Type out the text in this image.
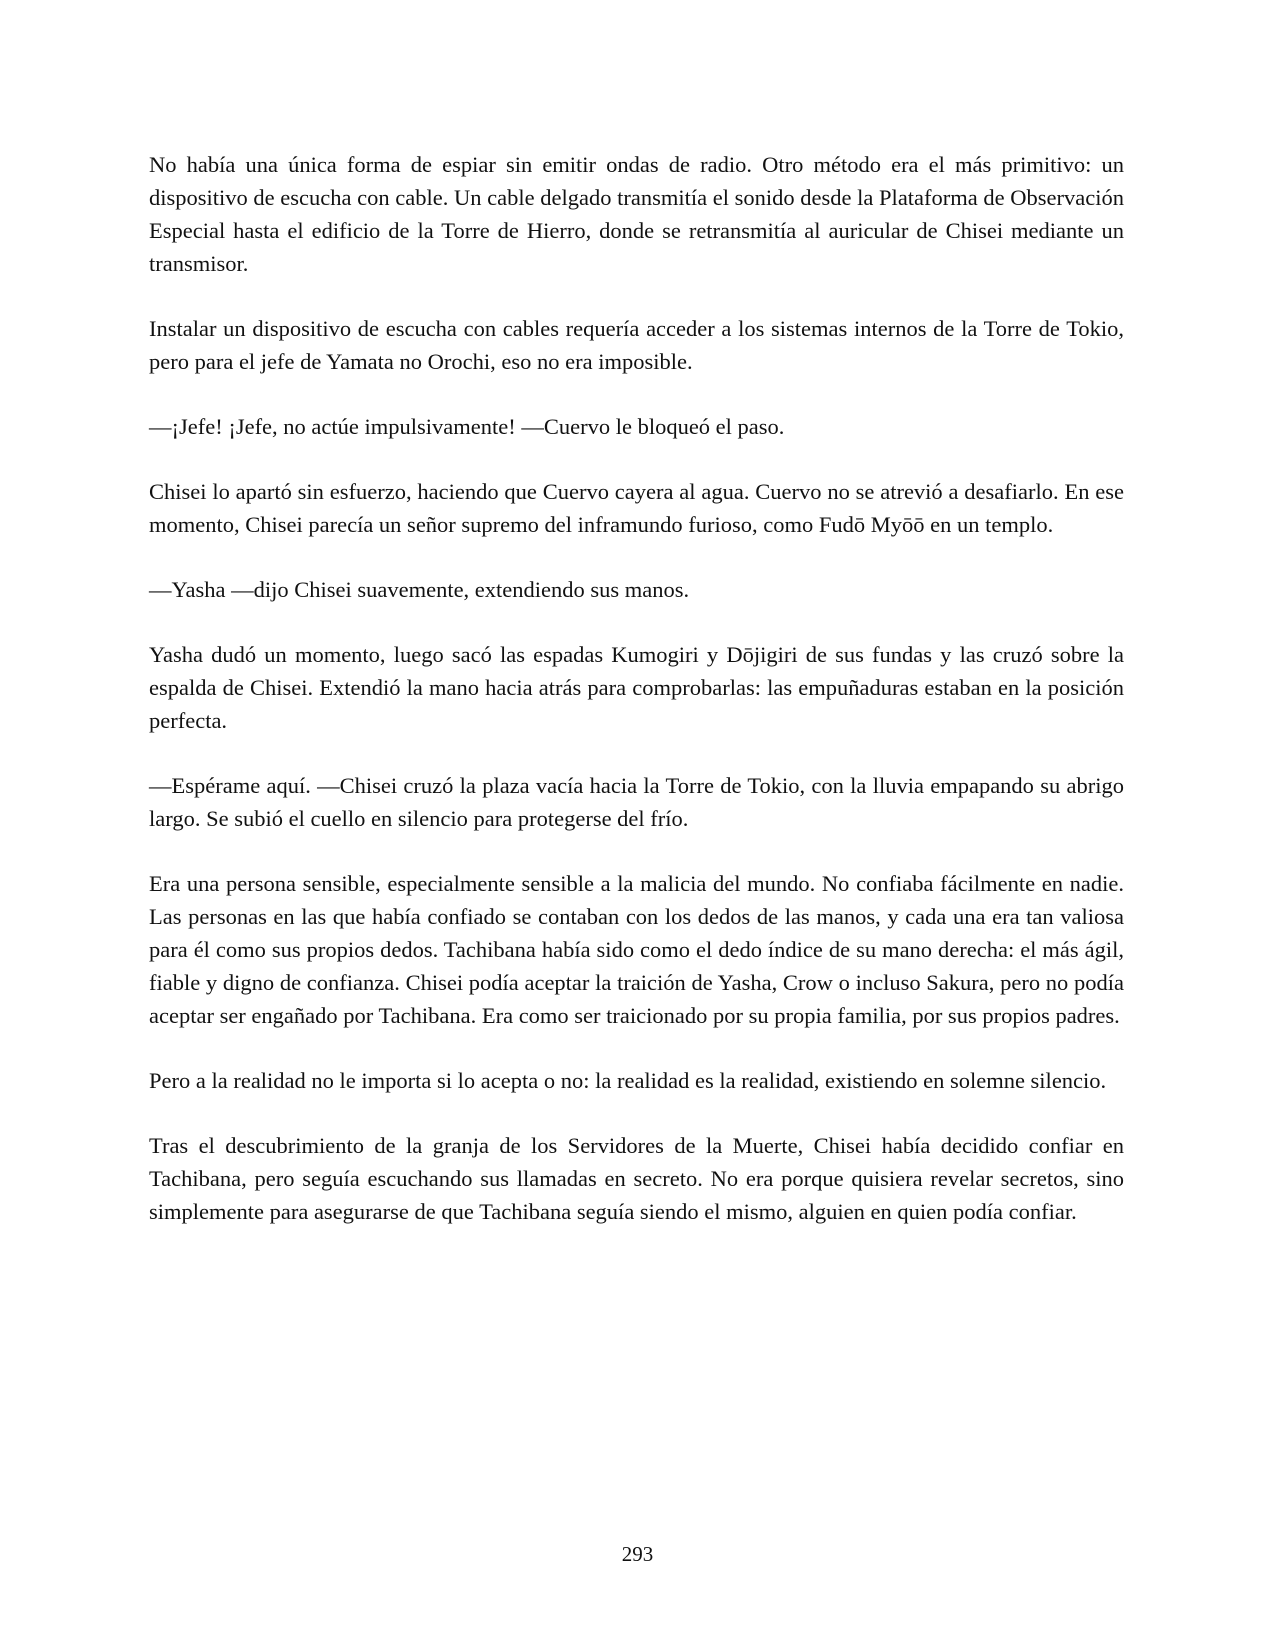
No había una única forma de espiar sin emitir ondas de radio. Otro método era el más primitivo: un dispositivo de escucha con cable. Un cable delgado transmitía el sonido desde la Plataforma de Observación Especial hasta el edificio de la Torre de Hierro, donde se retransmitía al auricular de Chisei mediante un transmisor.

Instalar un dispositivo de escucha con cables requería acceder a los sistemas internos de la Torre de Tokio, pero para el jefe de Yamata no Orochi, eso no era imposible.

—¡Jefe! ¡Jefe, no actúe impulsivamente! —Cuervo le bloqueó el paso.

Chisei lo apartó sin esfuerzo, haciendo que Cuervo cayera al agua. Cuervo no se atrevió a desafiarlo. En ese momento, Chisei parecía un señor supremo del inframundo furioso, como Fudō Myōō en un templo.

—Yasha —dijo Chisei suavemente, extendiendo sus manos.

Yasha dudó un momento, luego sacó las espadas Kumogiri y Dōjigiri de sus fundas y las cruzó sobre la espalda de Chisei. Extendió la mano hacia atrás para comprobarlas: las empuñaduras estaban en la posición perfecta.

—Espérame aquí. —Chisei cruzó la plaza vacía hacia la Torre de Tokio, con la lluvia empapando su abrigo largo. Se subió el cuello en silencio para protegerse del frío.

Era una persona sensible, especialmente sensible a la malicia del mundo. No confiaba fácilmente en nadie. Las personas en las que había confiado se contaban con los dedos de las manos, y cada una era tan valiosa para él como sus propios dedos. Tachibana había sido como el dedo índice de su mano derecha: el más ágil, fiable y digno de confianza. Chisei podía aceptar la traición de Yasha, Crow o incluso Sakura, pero no podía aceptar ser engañado por Tachibana. Era como ser traicionado por su propia familia, por sus propios padres.

Pero a la realidad no le importa si lo acepta o no: la realidad es la realidad, existiendo en solemne silencio.

Tras el descubrimiento de la granja de los Servidores de la Muerte, Chisei había decidido confiar en Tachibana, pero seguía escuchando sus llamadas en secreto. No era porque quisiera revelar secretos, sino simplemente para asegurarse de que Tachibana seguía siendo el mismo, alguien en quien podía confiar.

293
